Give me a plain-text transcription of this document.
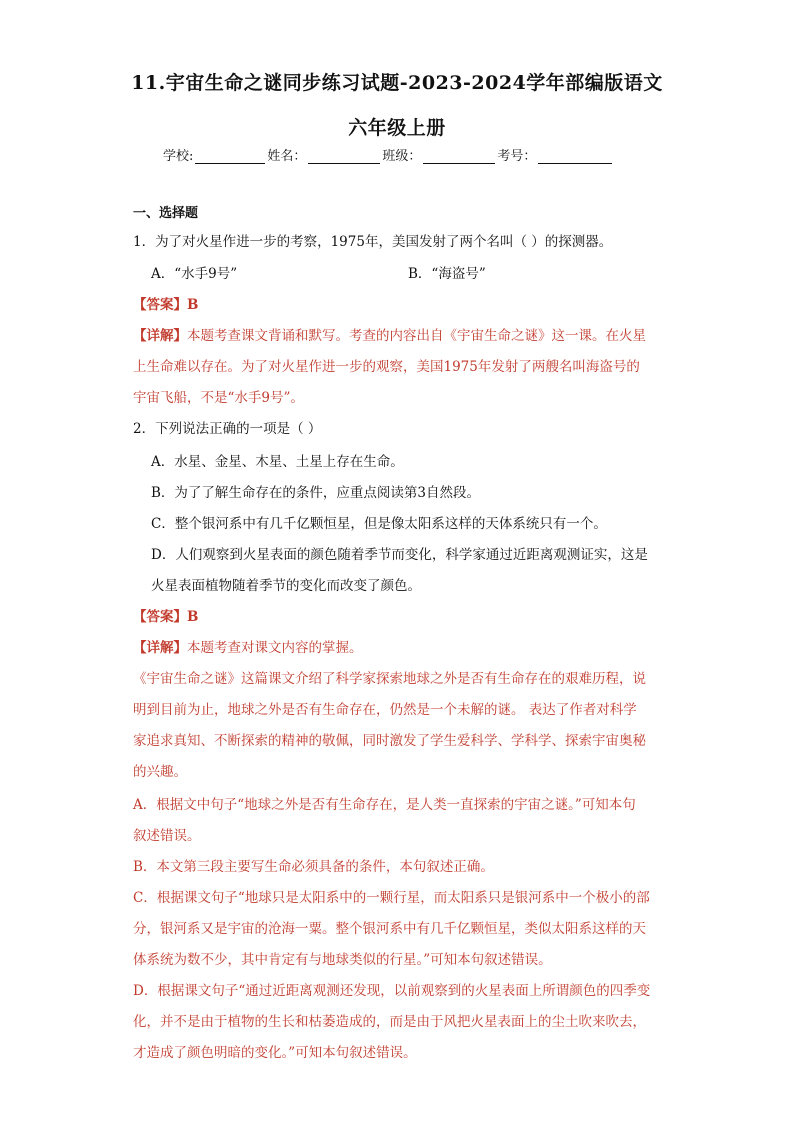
11.宇宙生命之谜同步练习试题-2023-2024学年部编版语文
六年级上册
学校:	姓名：	班级：	考号：
一、选择题
1．为了对火星作进一步的考察，1975年，美国发射了两个名叫（ ）的探测器。
A．“水手9号”	B．“海盗号”
【答案】B
【详解】本题考查课文背诵和默写。考查的内容出自《宇宙生命之谜》这一课。在火星
上生命难以存在。为了对火星作进一步的观察，美国1975年发射了两艘名叫海盗号的
宇宙飞船，不是“水手9号”。
2．下列说法正确的一项是（ ）
A．水星、金星、木星、土星上存在生命。
B．为了了解生命存在的条件，应重点阅读第3自然段。
C．整个银河系中有几千亿颗恒星，但是像太阳系这样的天体系统只有一个。
D．人们观察到火星表面的颜色随着季节而变化，科学家通过近距离观测证实，这是
火星表面植物随着季节的变化而改变了颜色。
【答案】B
【详解】本题考查对课文内容的掌握。
《宇宙生命之谜》这篇课文介绍了科学家探索地球之外是否有生命存在的艰难历程，说
明到目前为止，地球之外是否有生命存在，仍然是一个未解的谜。 表达了作者对科学
家追求真知、不断探索的精神的敬佩，同时激发了学生爱科学、学科学、探索宇宙奥秘
的兴趣。
A．根据文中句子“地球之外是否有生命存在，是人类一直探索的宇宙之谜。”可知本句
叙述错误。
B．本文第三段主要写生命必须具备的条件，本句叙述正确。
C．根据课文句子“地球只是太阳系中的一颗行星，而太阳系只是银河系中一个极小的部
分，银河系又是宇宙的沧海一粟。整个银河系中有几千亿颗恒星，类似太阳系这样的天
体系统为数不少，其中肯定有与地球类似的行星。”可知本句叙述错误。
D．根据课文句子“通过近距离观测还发现，以前观察到的火星表面上所谓颜色的四季变
化，并不是由于植物的生长和枯萎造成的，而是由于风把火星表面上的尘土吹来吹去，
才造成了颜色明暗的变化。”可知本句叙述错误。
